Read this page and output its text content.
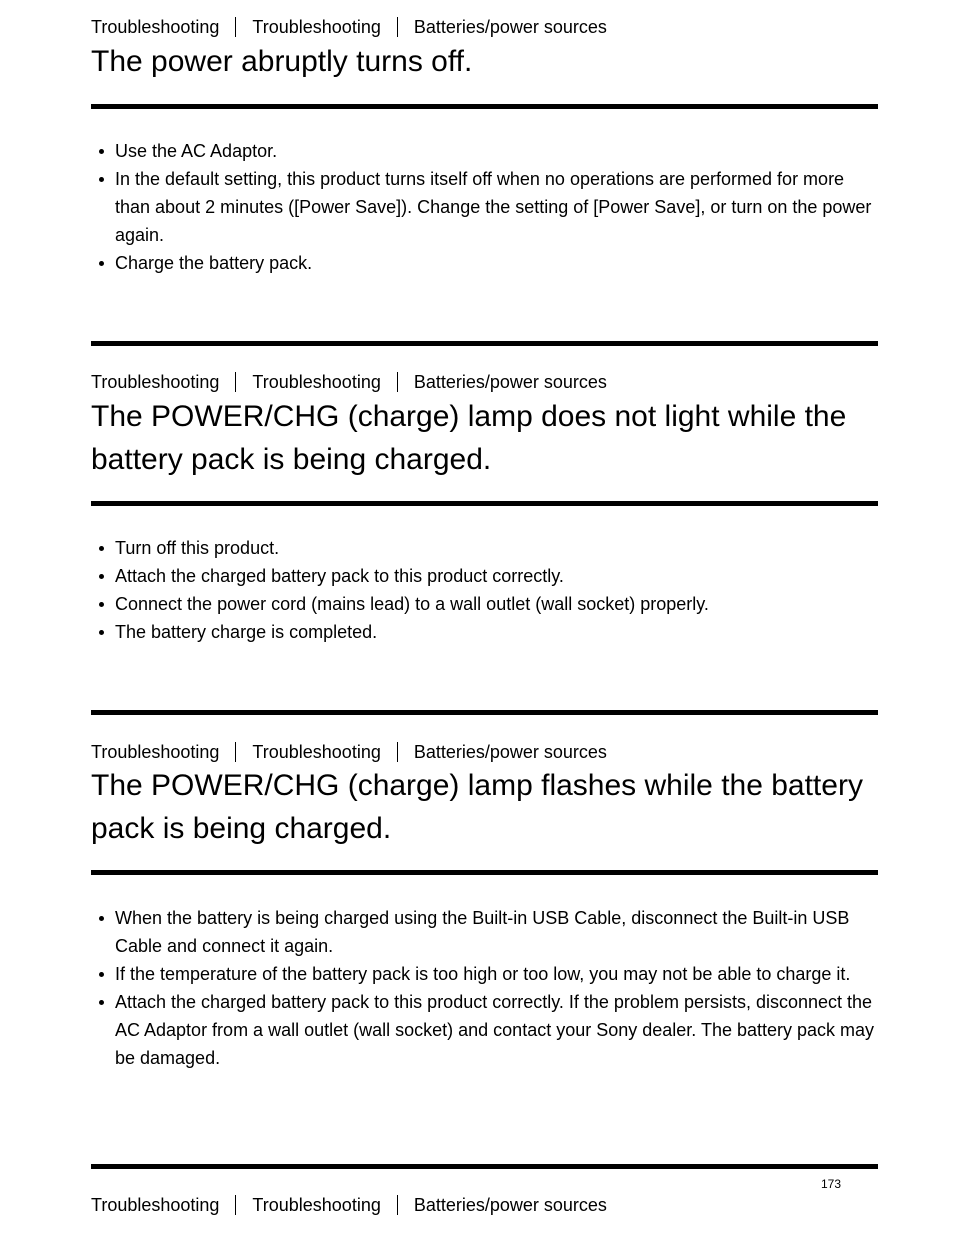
Troubleshooting Troubleshooting Batteries/power sources
The power abruptly turns off.
Use the AC Adaptor.
In the default setting, this product turns itself off when no operations are performed for more than about 2 minutes ([Power Save]). Change the setting of [Power Save], or turn on the power again.
Charge the battery pack.
Troubleshooting Troubleshooting Batteries/power sources
The POWER/CHG (charge) lamp does not light while the battery pack is being charged.
Turn off this product.
Attach the charged battery pack to this product correctly.
Connect the power cord (mains lead) to a wall outlet (wall socket) properly.
The battery charge is completed.
Troubleshooting Troubleshooting Batteries/power sources
The POWER/CHG (charge) lamp flashes while the battery pack is being charged.
When the battery is being charged using the Built-in USB Cable, disconnect the Built-in USB Cable and connect it again.
If the temperature of the battery pack is too high or too low, you may not be able to charge it.
Attach the charged battery pack to this product correctly. If the problem persists, disconnect the AC Adaptor from a wall outlet (wall socket) and contact your Sony dealer. The battery pack may be damaged.
173
Troubleshooting Troubleshooting Batteries/power sources
